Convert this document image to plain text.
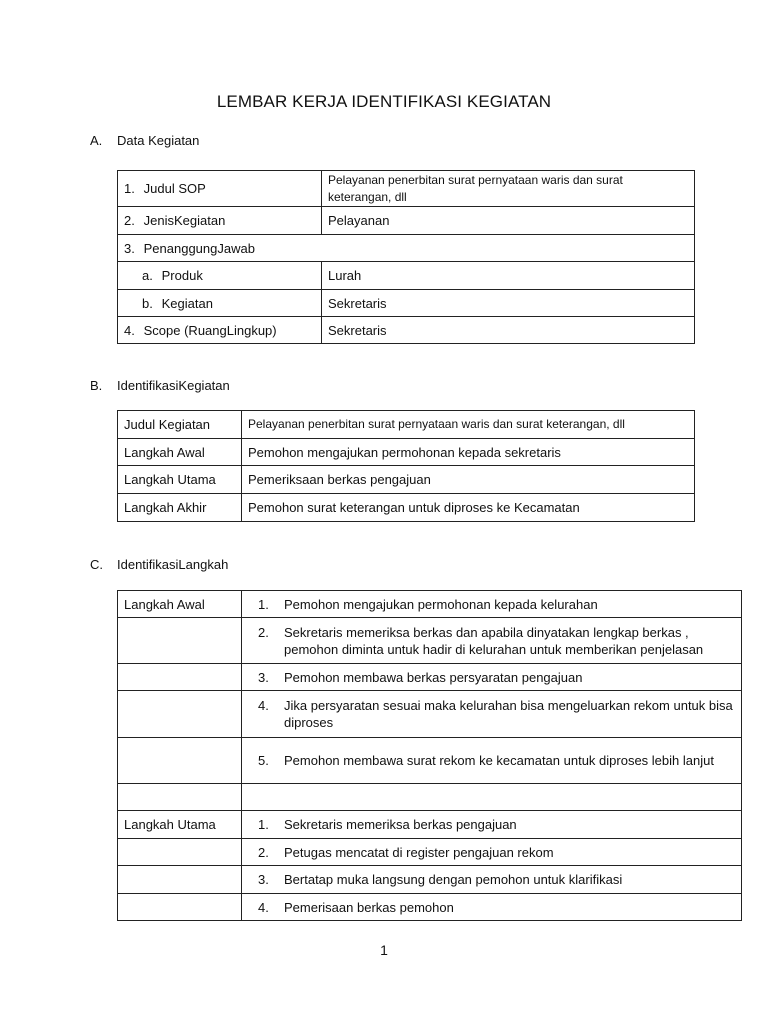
LEMBAR KERJA IDENTIFIKASI KEGIATAN
A. Data Kegiatan
1. Judul SOP	Pelayanan penerbitan surat pernyataan waris dan surat keterangan, dll
2. JenisKegiatan	Pelayanan
3. PenanggungJawab	
a. Produk	Lurah
b. Kegiatan	Sekretaris
4. Scope (RuangLingkup)	Sekretaris
B. IdentifikasiKegiatan
Judul Kegiatan	Pelayanan penerbitan surat pernyataan waris dan surat keterangan, dll
Langkah Awal	Pemohon mengajukan permohonan kepada sekretaris
Langkah Utama	Pemeriksaan berkas pengajuan
Langkah Akhir	Pemohon surat keterangan untuk diproses ke Kecamatan
C. IdentifikasiLangkah
Langkah Awal	1. Pemohon mengajukan permohonan kepada kelurahan

	2. Sekretaris memeriksa berkas dan apabila dinyatakan lengkap berkas , pemohon diminta untuk hadir di kelurahan untuk memberikan penjelasan

	3. Pemohon membawa berkas persyaratan pengajuan

	4. Jika persyaratan sesuai maka kelurahan bisa mengeluarkan rekom untuk bisa diproses

	5. Pemohon membawa surat rekom ke kecamatan untuk diproses lebih lanjut

Langkah Utama	1. Sekretaris memeriksa berkas pengajuan

	2. Petugas mencatat di register pengajuan rekom

	3. Bertatap muka langsung dengan pemohon untuk klarifikasi

	4. Pemerisaan berkas pemohon
1
